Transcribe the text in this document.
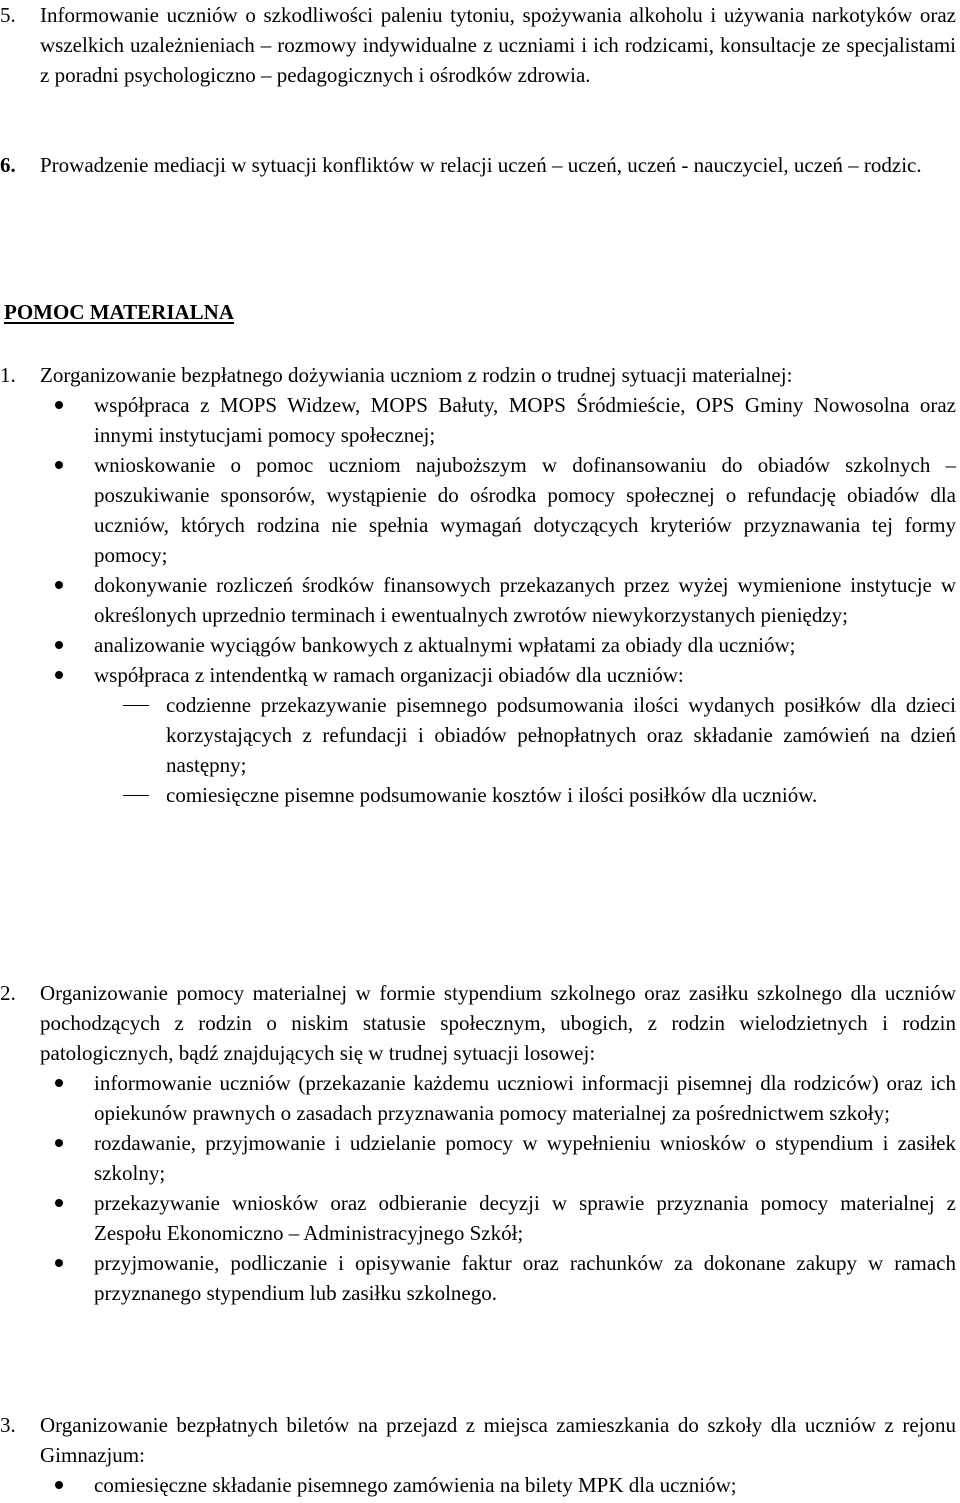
5.	Informowanie uczniów o szkodliwości paleniu tytoniu, spożywania alkoholu i używania narkotyków oraz wszelkich uzależnieniach – rozmowy indywidualne z uczniami i ich rodzicami, konsultacje ze specjalistami z poradni psychologiczno – pedagogicznych i ośrodków zdrowia.
6.	Prowadzenie mediacji w sytuacji konfliktów w relacji uczeń – uczeń, uczeń - nauczyciel, uczeń – rodzic.
POMOC MATERIALNA
1.	Zorganizowanie bezpłatnego dożywiania uczniom z rodzin o trudnej sytuacji materialnej:
współpraca z MOPS Widzew, MOPS Bałuty, MOPS Śródmieście, OPS Gminy Nowosolna oraz innymi instytucjami pomocy społecznej;
wnioskowanie o pomoc uczniom najuboższym w dofinansowaniu do obiadów szkolnych – poszukiwanie sponsorów, wystąpienie do ośrodka pomocy społecznej o refundację obiadów dla uczniów, których rodzina nie spełnia wymagań dotyczących kryteriów przyznawania tej formy pomocy;
dokonywanie rozliczeń środków finansowych przekazanych przez wyżej wymienione instytucje w określonych uprzednio terminach i ewentualnych zwrotów niewykorzystanych pieniędzy;
analizowanie wyciągów bankowych z aktualnymi wpłatami za obiady dla uczniów;
współpraca z intendentką w ramach organizacji obiadów dla uczniów:
codzienne przekazywanie pisemnego podsumowania ilości wydanych posiłków dla dzieci korzystających z refundacji i obiadów pełnopłatnych oraz składanie zamówień na dzień następny;
comiesięczne pisemne podsumowanie kosztów i ilości posiłków dla uczniów.
2.	Organizowanie pomocy materialnej w formie stypendium szkolnego oraz zasiłku szkolnego dla uczniów pochodzących z rodzin o niskim statusie społecznym, ubogich, z rodzin wielodzietnych i rodzin patologicznych, bądź znajdujących się w trudnej sytuacji losowej:
informowanie uczniów (przekazanie każdemu uczniowi informacji pisemnej dla rodziców) oraz ich opiekunów prawnych o zasadach przyznawania pomocy materialnej za pośrednictwem szkoły;
rozdawanie, przyjmowanie i udzielanie pomocy w wypełnieniu wniosków o stypendium i zasiłek szkolny;
przekazywanie wniosków oraz odbieranie decyzji w sprawie przyznania pomocy materialnej z Zespołu Ekonomiczno – Administracyjnego Szkół;
przyjmowanie, podliczanie i opisywanie faktur oraz rachunków za dokonane zakupy w ramach przyznanego stypendium lub zasiłku szkolnego.
3.	Organizowanie bezpłatnych biletów na przejazd z miejsca zamieszkania do szkoły dla uczniów z rejonu Gimnazjum:
comiesięczne składanie pisemnego zamówienia na bilety MPK dla uczniów;
